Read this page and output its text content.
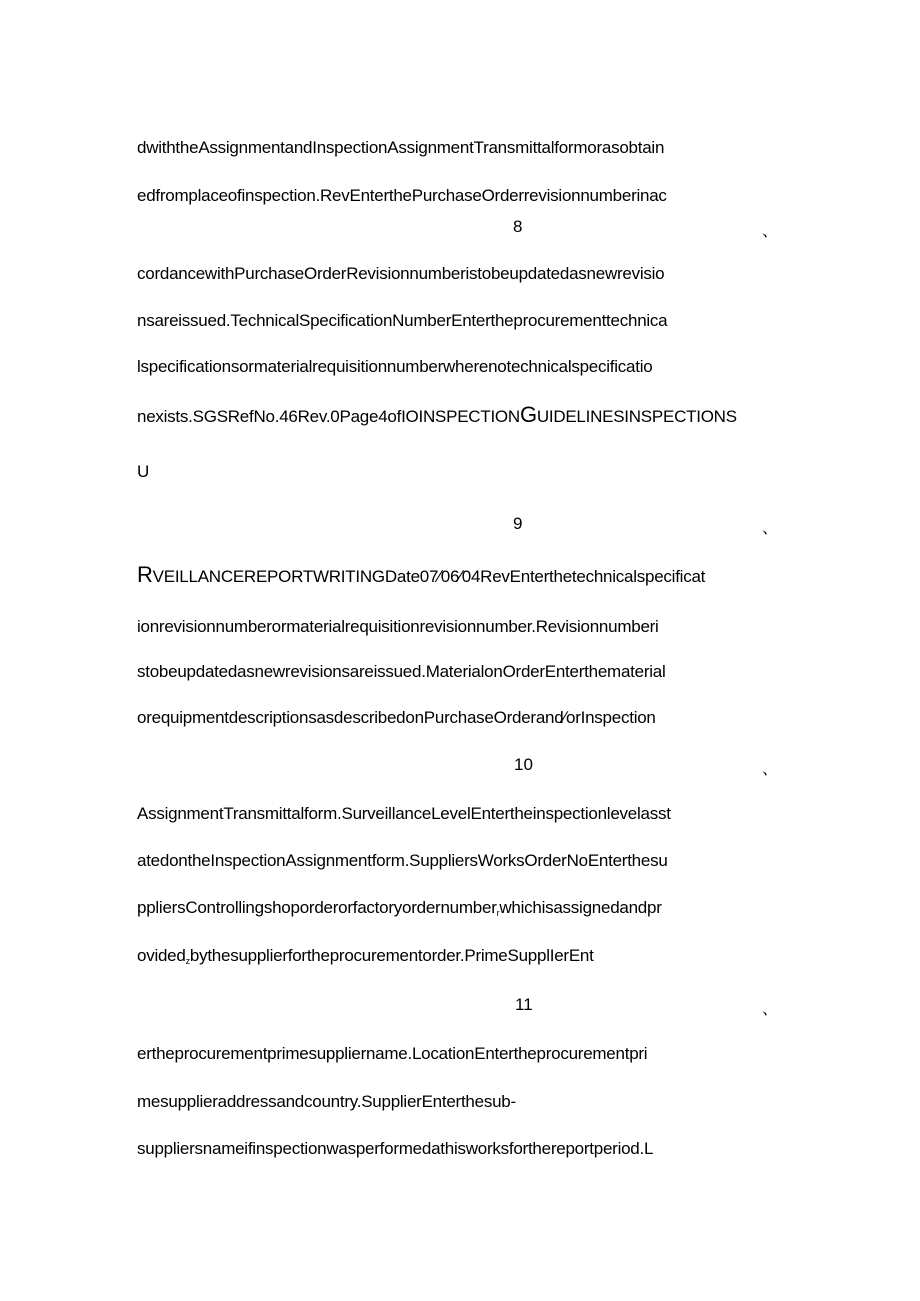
dwiththeAssignmentandInspectionAssignmentTransmittalformorasobtain
edfromplaceofinspection.RevEnterthePurchaseOrderrevisionnumberinac
8	、
cordancewithPurchaseOrderRevisionnumberistobeupdatedasnewrevisio
nsareissued.TechnicalSpecificationNumberEntertheprocurementtechnica
lspecificationsormaterialrequisitionnumberwherenotechnicalspecificatio
nexists.SGSRefNo.46Rev.0Page4ofIOINSPECTIONGUIDELINESINSPECTIONS
U
9	、
RVEILLANCEREPORTWRITINGDate07∕06∕04RevEnterthetechnicalspecificat
ionrevisionnumberormaterialrequisitionrevisionnumber.Revisionnumberi
stobeupdatedasnewrevisionsareissued.MaterialonOrderEnterthematerial
orequipmentdescriptionsasdescribedonPurchaseOrderand∕orInspection
10	、
AssignmentTransmittalform.SurveillanceLevelEntertheinspectionlevelasst
atedontheInspectionAssignmentform.SuppliersWorksOrderNoEnterthesu
ppliersControllingshoporderorfactoryordernumber$_r$whichisassignedandpr
ovided$_z$bythesupplierfortheprocurementorder.PrimeSupplIerEnt
11	、
ertheprocurementprimesuppliername.LocationEntertheprocurementpri
mesupplieraddressandcountry.SupplierEnterthesub-
suppliersnameifinspectionwasperformedathisworksforthereportperiod.L
